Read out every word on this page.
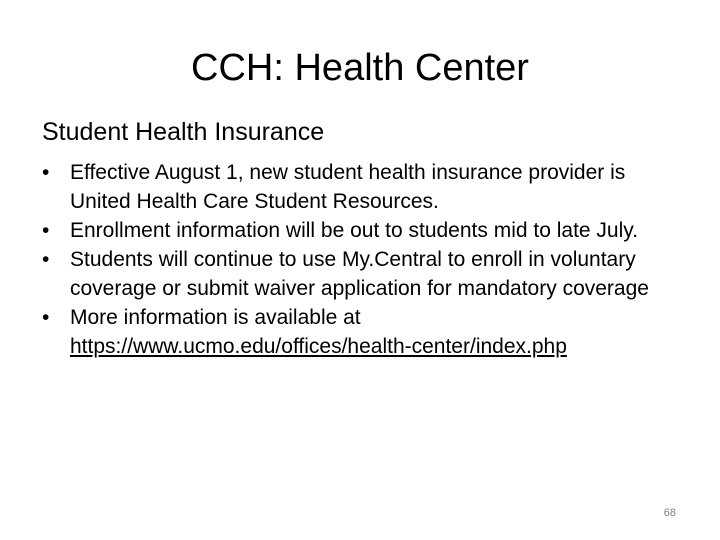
CCH: Health Center
Student Health Insurance
• Effective August 1, new student health insurance provider is United Health Care Student Resources.
• Enrollment information will be out to students mid to late July.
• Students will continue to use My.Central to enroll in voluntary coverage or submit waiver application for mandatory coverage
• More information is available at https://www.ucmo.edu/offices/health-center/index.php
68
